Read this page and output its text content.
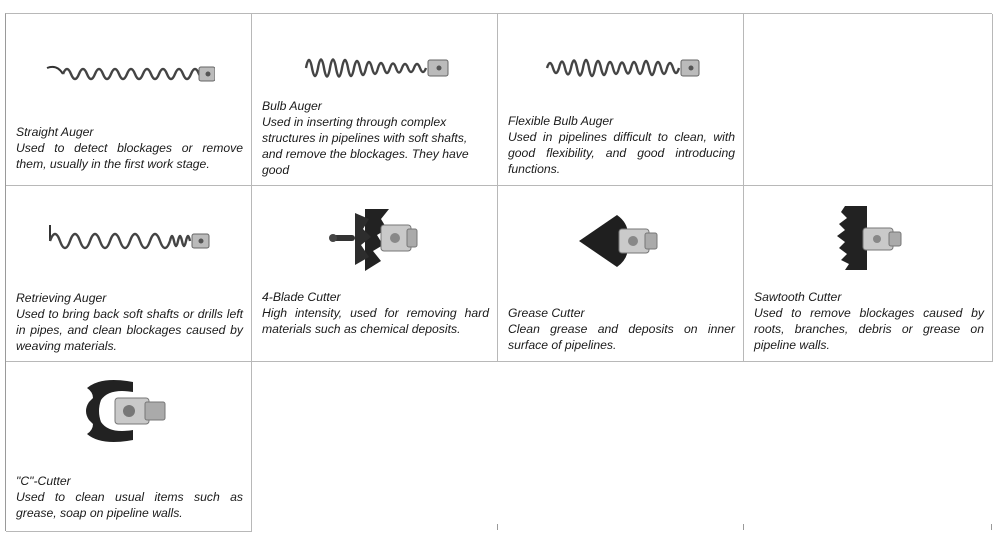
Straight Auger
Used to detect blockages or remove them, usually in the first work stage.
Bulb Auger
Used in inserting through complex structures in pipelines with soft shafts, and remove the blockages. They have good
Flexible Bulb Auger
Used in pipelines difficult to clean, with good flexibility, and good introducing functions.
Retrieving Auger
Used to bring back soft shafts or drills left in pipes, and clean blockages caused by weaving materials.
4-Blade Cutter
High intensity, used for removing hard materials such as chemical deposits.
Grease Cutter
Clean grease and deposits on inner surface of pipelines.
Sawtooth Cutter
Used to remove blockages caused by roots, branches, debris or grease on pipeline walls.
"C"-Cutter
Used to clean usual items such as grease, soap on pipeline walls.
